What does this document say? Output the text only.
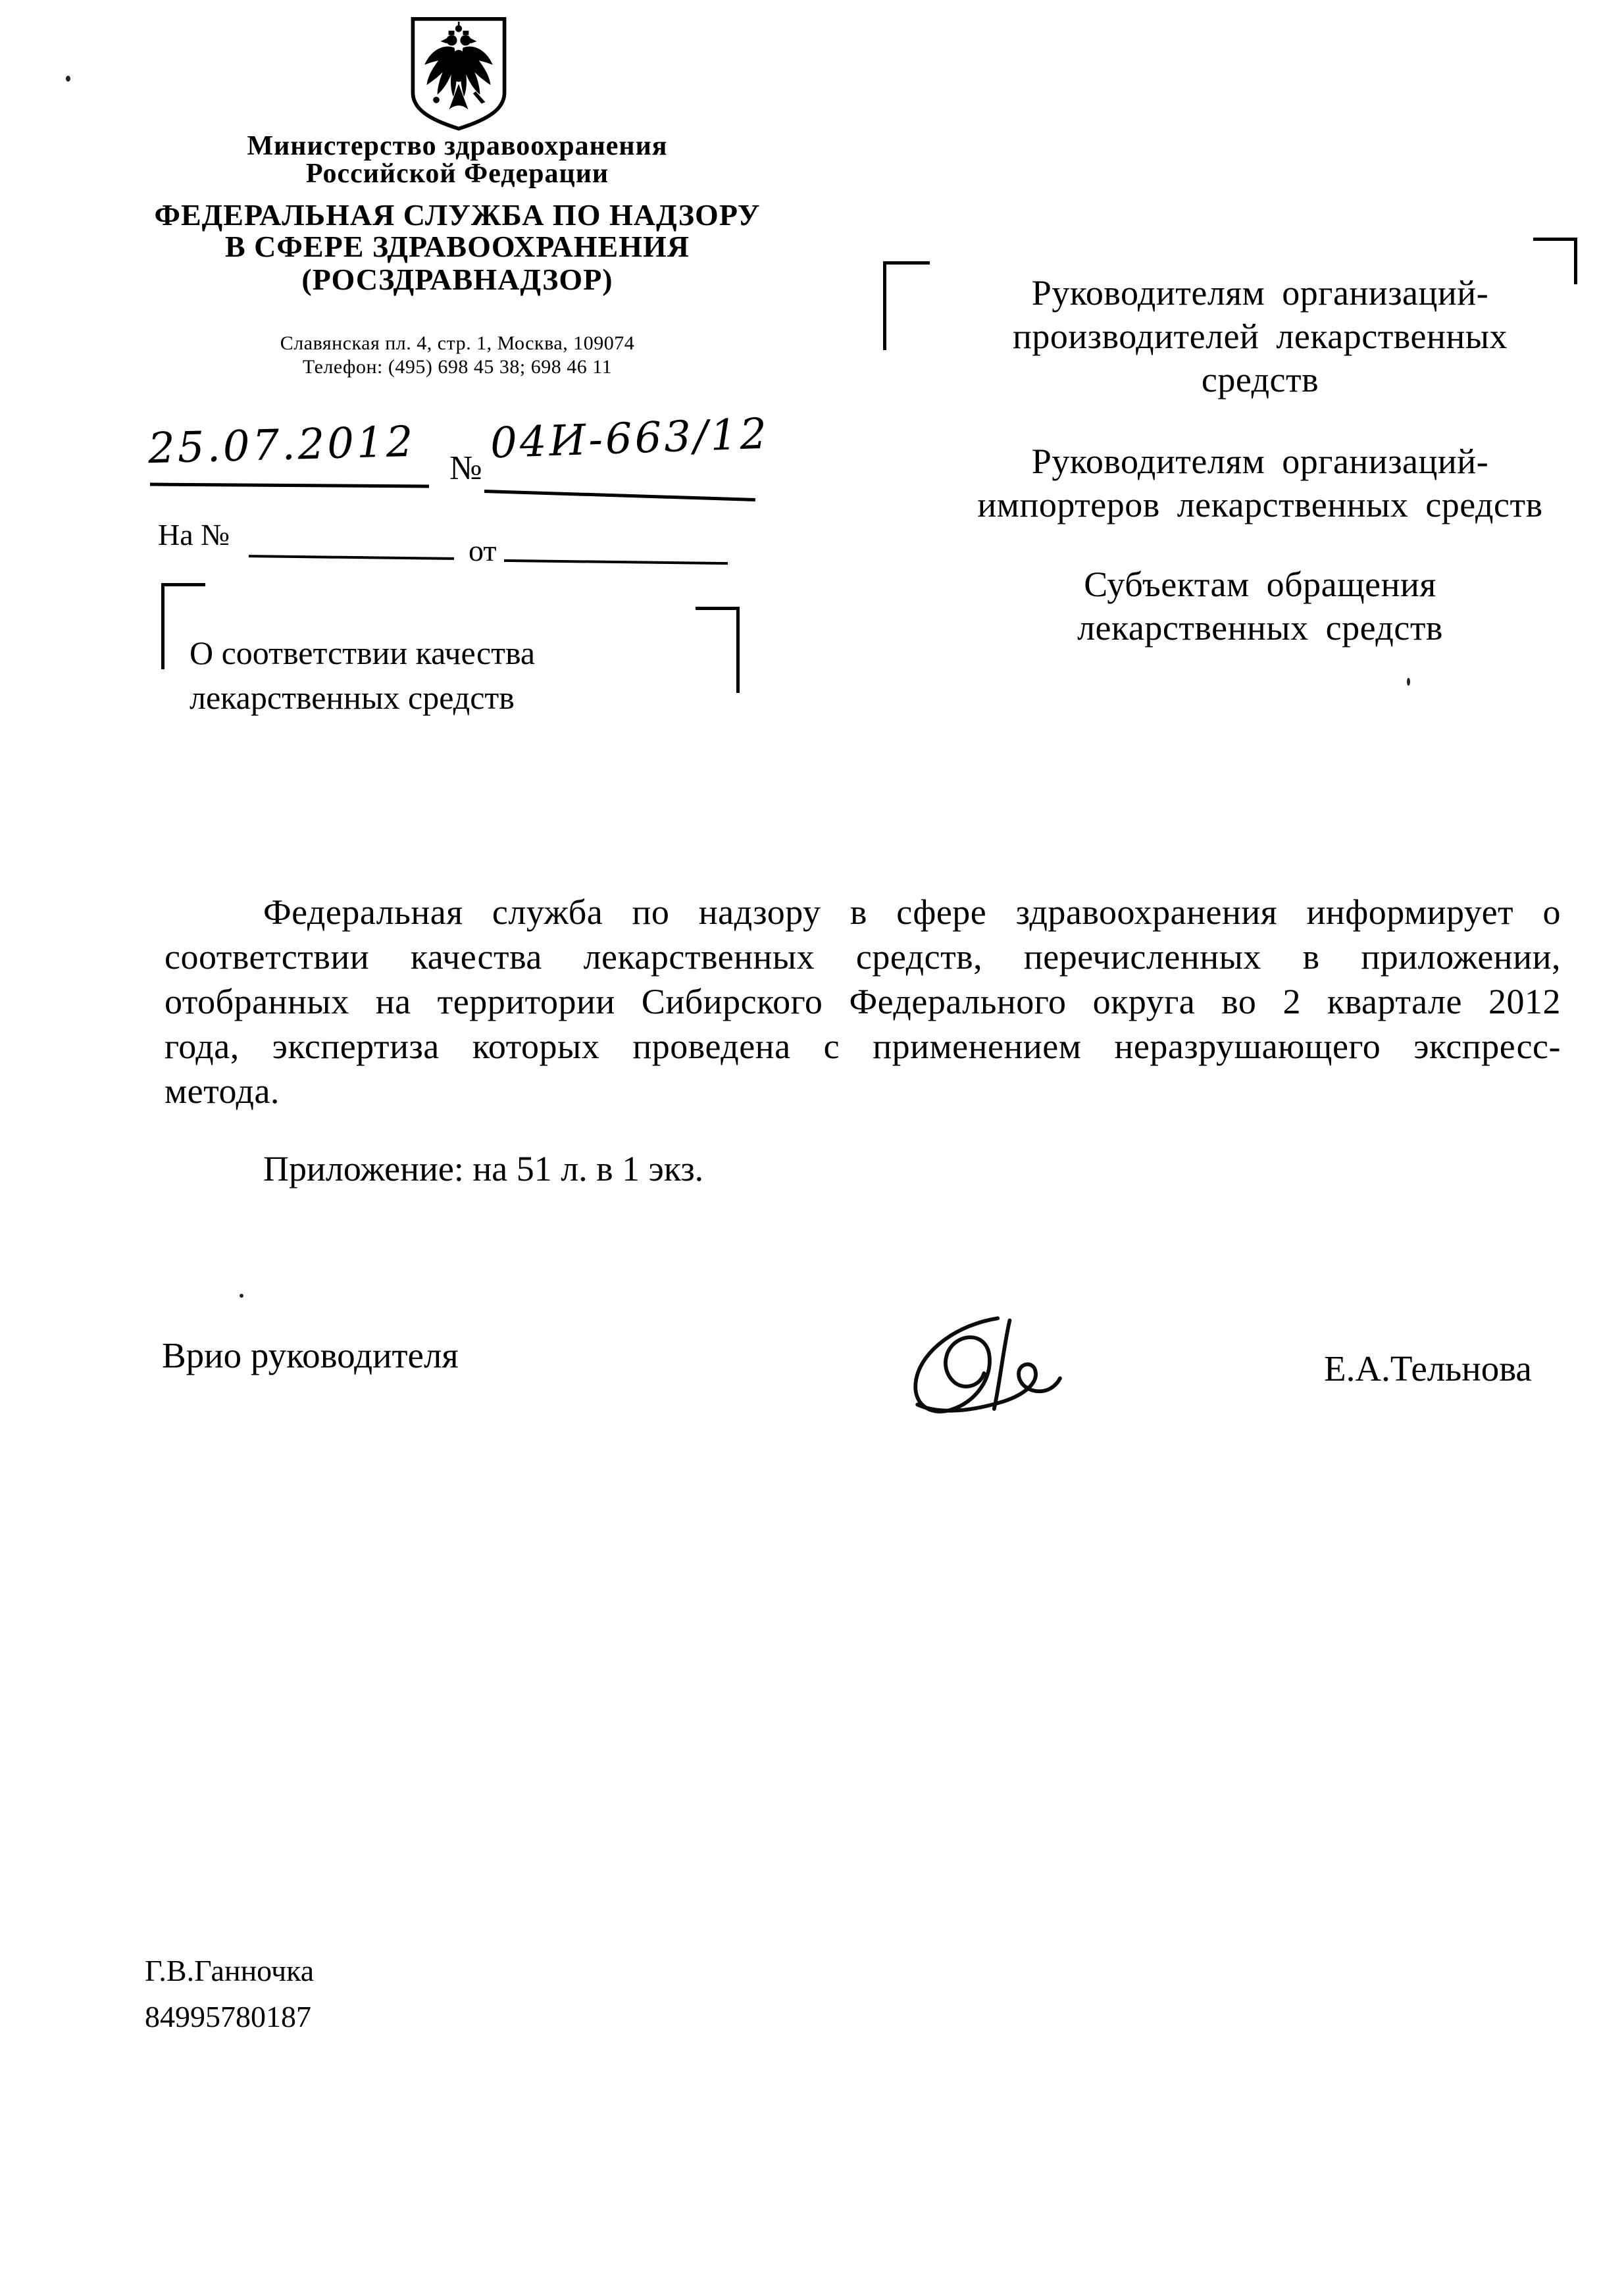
Министерство здравоохранения
Российской Федерации
ФЕДЕРАЛЬНАЯ СЛУЖБА ПО НАДЗОРУ
В СФЕРЕ ЗДРАВООХРАНЕНИЯ
(РОСЗДРАВНАДЗОР)
Славянская пл. 4, стр. 1, Москва, 109074
Телефон: (495) 698 45 38; 698 46 11
25.07.2012 №
04И-663/12
На №	от
Руководителям организаций-
производителей лекарственных
средств
Руководителям организаций-
импортеров лекарственных средств
Субъектам обращения
лекарственных средств
О соответствии качества
лекарственных средств
Федеральная служба по надзору в сфере здравоохранения информирует о
соответствии качества лекарственных средств, перечисленных в приложении,
отобранных на территории Сибирского Федерального округа во 2 квартале 2012
года, экспертиза которых проведена с применением неразрушающего экспресс-
метода.
Приложение: на 51 л. в 1 экз.
Врио руководителя	Е.А.Тельнова
Г.В.Ганночка
84995780187
